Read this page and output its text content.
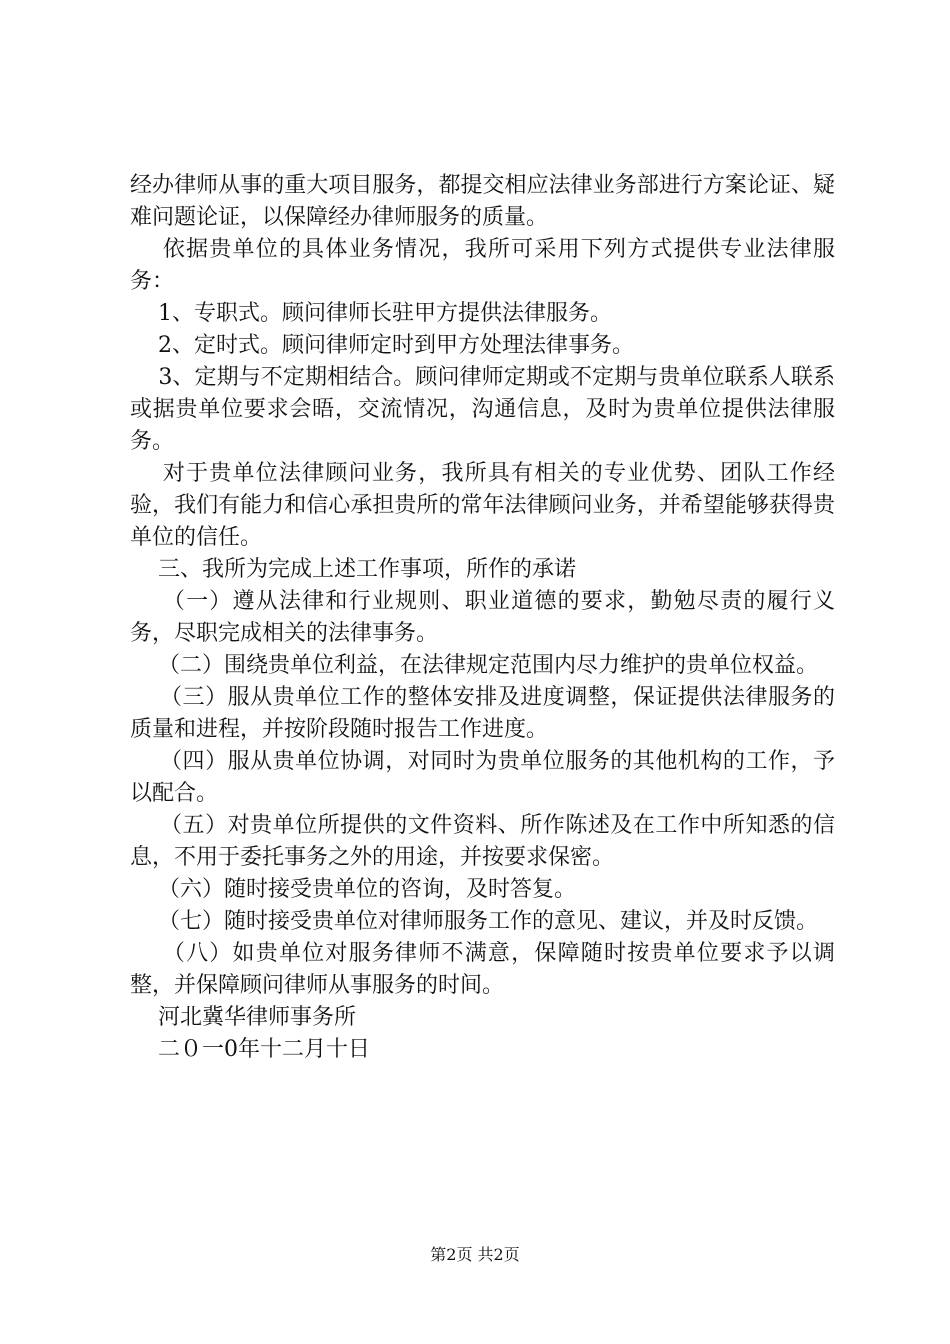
经办律师从事的重大项目服务，都提交相应法律业务部进行方案论证、疑难问题论证，以保障经办律师服务的质量。

依据贵单位的具体业务情况，我所可采用下列方式提供专业法律服务：

1、专职式。顾问律师长驻甲方提供法律服务。

2、定时式。顾问律师定时到甲方处理法律事务。

3、定期与不定期相结合。顾问律师定期或不定期与贵单位联系人联系或据贵单位要求会晤，交流情况，沟通信息，及时为贵单位提供法律服务。

对于贵单位法律顾问业务，我所具有相关的专业优势、团队工作经验，我们有能力和信心承担贵所的常年法律顾问业务，并希望能够获得贵单位的信任。

三、我所为完成上述工作事项，所作的承诺

（一）遵从法律和行业规则、职业道德的要求，勤勉尽责的履行义务，尽职完成相关的法律事务。

（二）围绕贵单位利益，在法律规定范围内尽力维护的贵单位权益。

（三）服从贵单位工作的整体安排及进度调整，保证提供法律服务的质量和进程，并按阶段随时报告工作进度。

（四）服从贵单位协调，对同时为贵单位服务的其他机构的工作，予以配合。

（五）对贵单位所提供的文件资料、所作陈述及在工作中所知悉的信息，不用于委托事务之外的用途，并按要求保密。

（六）随时接受贵单位的咨询，及时答复。

（七）随时接受贵单位对律师服务工作的意见、建议，并及时反馈。

（八）如贵单位对服务律师不满意，保障随时按贵单位要求予以调整，并保障顾问律师从事服务的时间。

河北冀华律师事务所

二０一0年十二月十日

第2页 共2页
